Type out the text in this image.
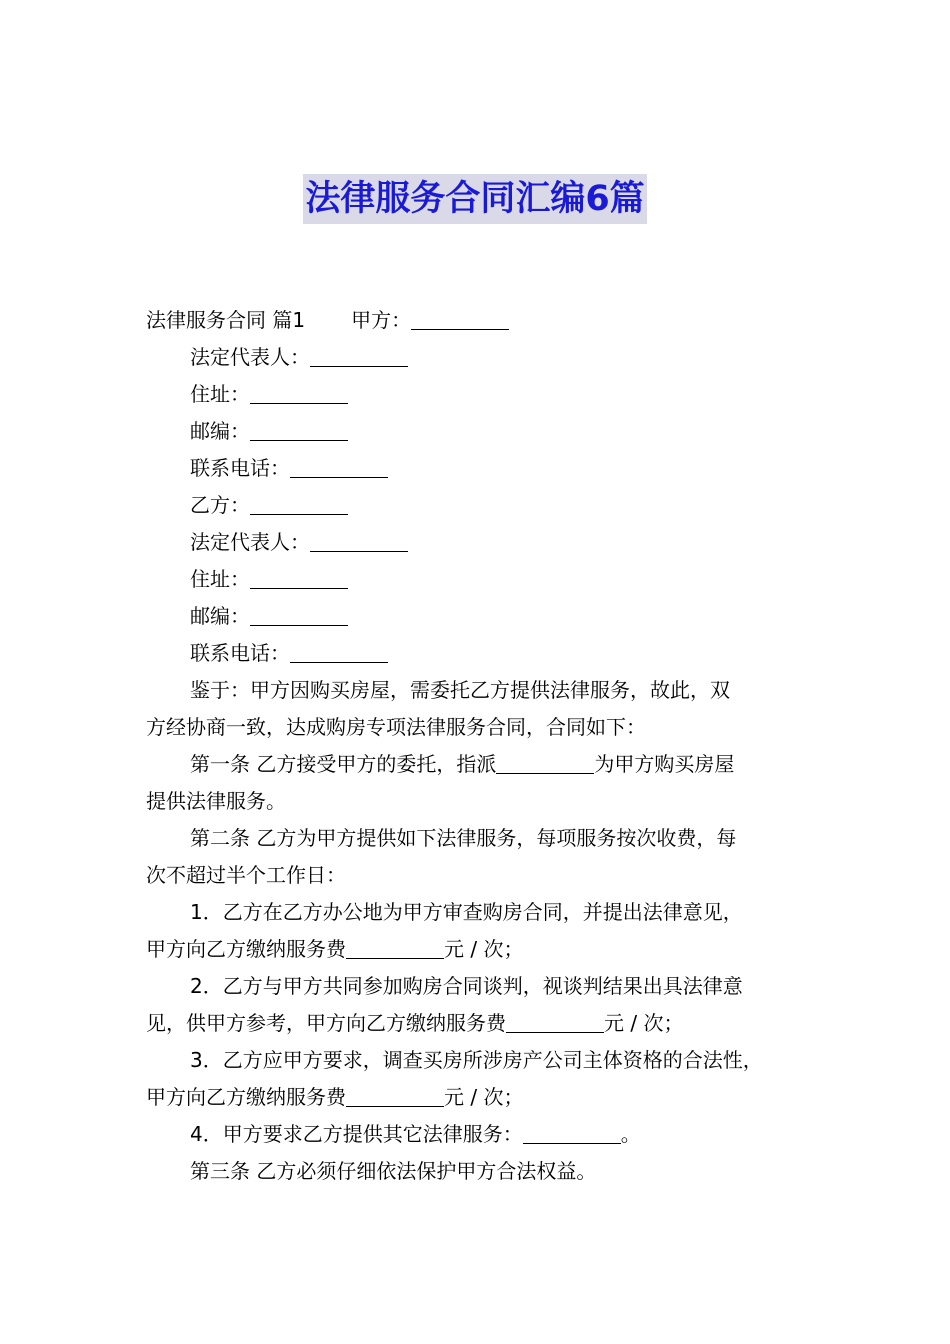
法律服务合同汇编6篇
法律服务合同 篇1 甲方：
法定代表人：
住址：
邮编：
联系电话：
乙方：
法定代表人：
住址：
邮编：
联系电话：
鉴于：甲方因购买房屋，需委托乙方提供法律服务，故此，双
方经协商一致，达成购房专项法律服务合同，合同如下：
第一条 乙方接受甲方的委托，指派	为甲方购买房屋
提供法律服务。
第二条 乙方为甲方提供如下法律服务，每项服务按次收费，每
次不超过半个工作日：
1．乙方在乙方办公地为甲方审查购房合同，并提出法律意见，
甲方向乙方缴纳服务费	元 / 次；
2．乙方与甲方共同参加购房合同谈判，视谈判结果出具法律意
见，供甲方参考，甲方向乙方缴纳服务费	元 / 次；
3．乙方应甲方要求，调查买房所涉房产公司主体资格的合法性，
甲方向乙方缴纳服务费	元 / 次；
4．甲方要求乙方提供其它法律服务：	。
第三条 乙方必须仔细依法保护甲方合法权益。
